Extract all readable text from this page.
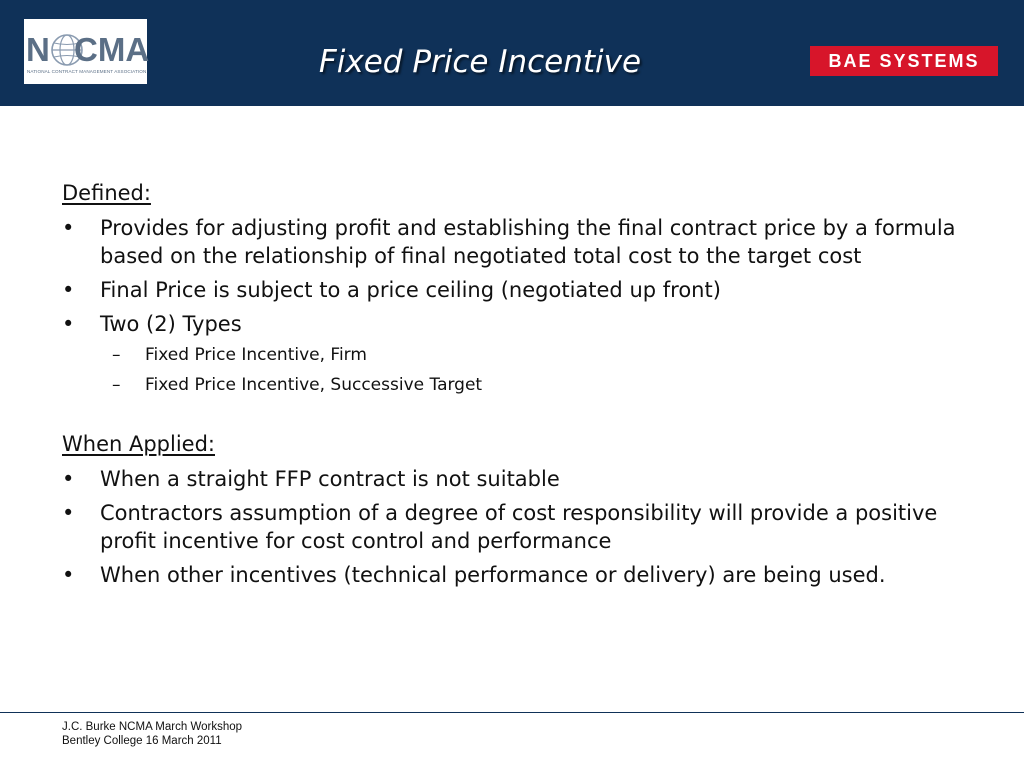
N CMA
NATIONAL CONTRACT MANAGEMENT ASSOCIATION	Fixed Price Incentive	BAE SYSTEMS
Defined:
•	Provides for adjusting profit and establishing the final contract price by a formula based on the relationship of final negotiated total cost to the target cost
•	Final Price is subject to a price ceiling (negotiated up front)
•	Two (2) Types
– Fixed Price Incentive, Firm
– Fixed Price Incentive, Successive Target
When Applied:
•	When a straight FFP contract is not suitable
•	Contractors assumption of a degree of cost responsibility will provide a positive profit incentive for cost control and performance
•	When other incentives (technical performance or delivery) are being used.
J.C. Burke NCMA March Workshop
Bentley College 16 March 2011
